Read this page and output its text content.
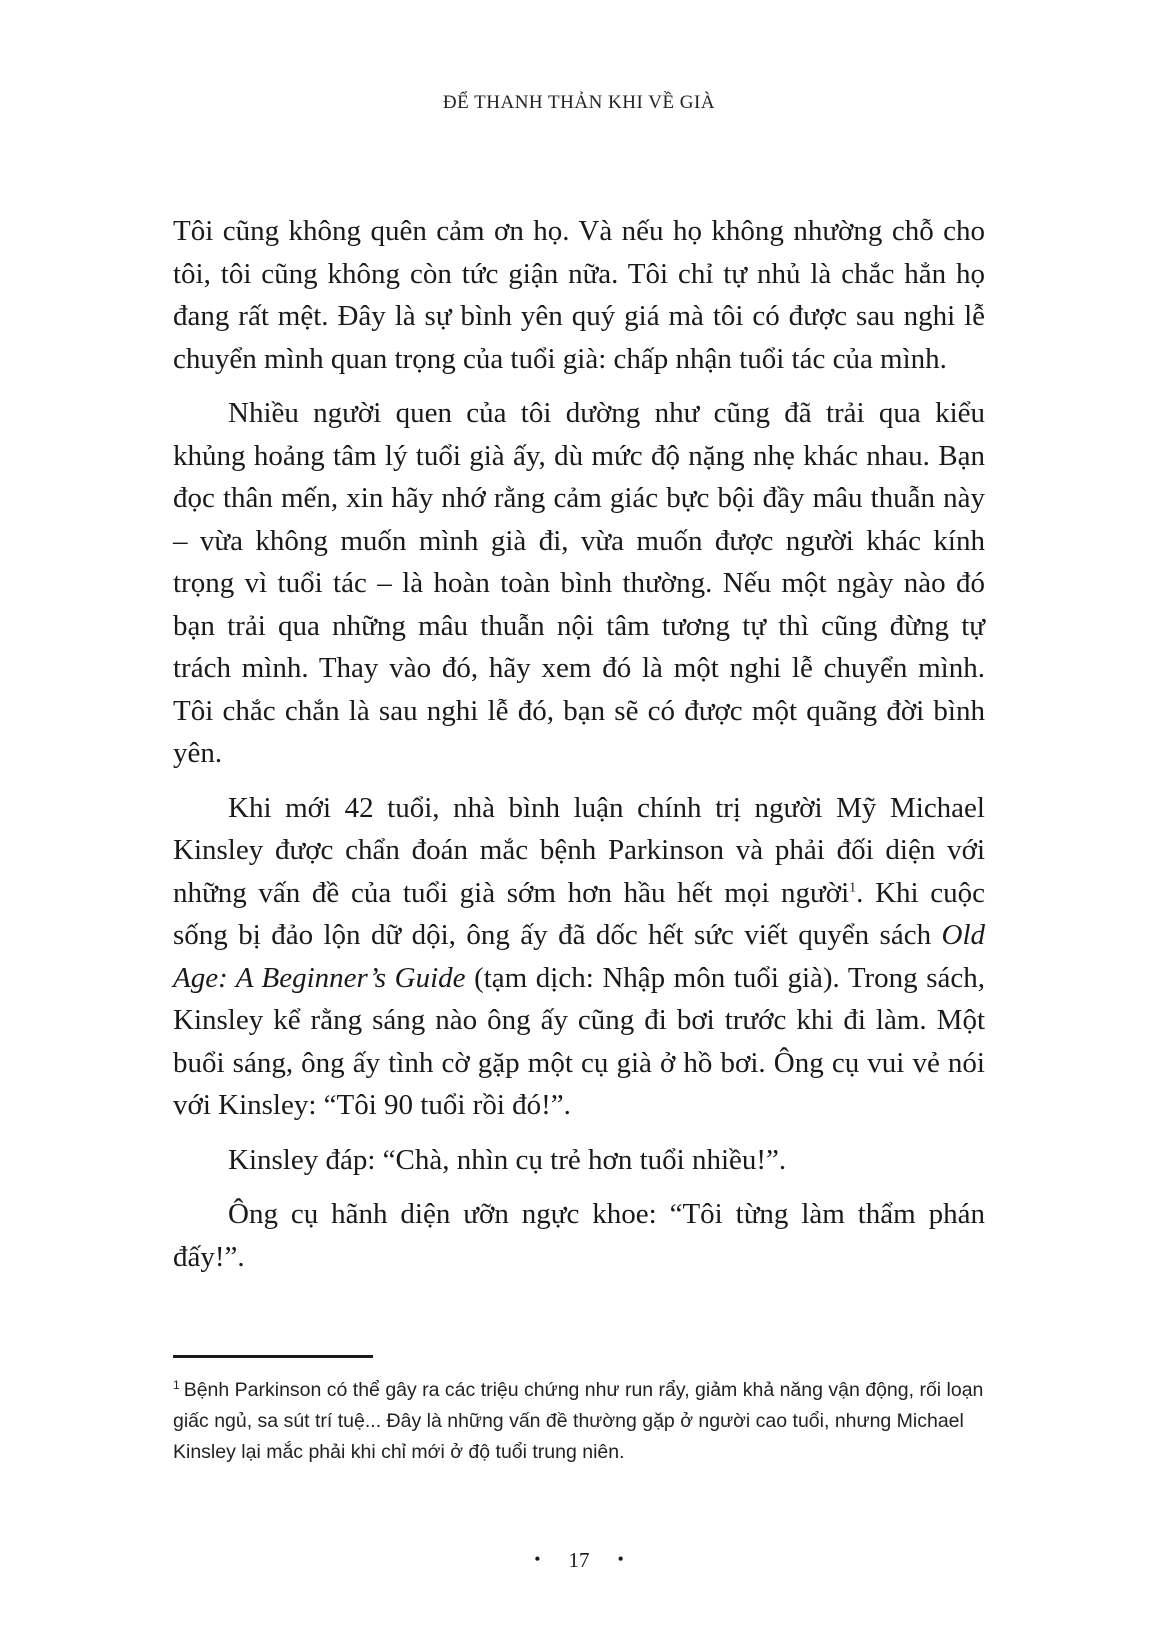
ĐỂ THANH THẢN KHI VỀ GIÀ

Tôi cũng không quên cảm ơn họ. Và nếu họ không nhường chỗ cho tôi, tôi cũng không còn tức giận nữa. Tôi chỉ tự nhủ là chắc hẳn họ đang rất mệt. Đây là sự bình yên quý giá mà tôi có được sau nghi lễ chuyển mình quan trọng của tuổi già: chấp nhận tuổi tác của mình.

Nhiều người quen của tôi dường như cũng đã trải qua kiểu khủng hoảng tâm lý tuổi già ấy, dù mức độ nặng nhẹ khác nhau. Bạn đọc thân mến, xin hãy nhớ rằng cảm giác bực bội đầy mâu thuẫn này – vừa không muốn mình già đi, vừa muốn được người khác kính trọng vì tuổi tác – là hoàn toàn bình thường. Nếu một ngày nào đó bạn trải qua những mâu thuẫn nội tâm tương tự thì cũng đừng tự trách mình. Thay vào đó, hãy xem đó là một nghi lễ chuyển mình. Tôi chắc chắn là sau nghi lễ đó, bạn sẽ có được một quãng đời bình yên.

Khi mới 42 tuổi, nhà bình luận chính trị người Mỹ Michael Kinsley được chẩn đoán mắc bệnh Parkinson và phải đối diện với những vấn đề của tuổi già sớm hơn hầu hết mọi người$^1$. Khi cuộc sống bị đảo lộn dữ dội, ông ấy đã dốc hết sức viết quyển sách Old Age: A Beginner’s Guide (tạm dịch: Nhập môn tuổi già). Trong sách, Kinsley kể rằng sáng nào ông ấy cũng đi bơi trước khi đi làm. Một buổi sáng, ông ấy tình cờ gặp một cụ già ở hồ bơi. Ông cụ vui vẻ nói với Kinsley: “Tôi 90 tuổi rồi đó!”.

Kinsley đáp: “Chà, nhìn cụ trẻ hơn tuổi nhiều!”.

Ông cụ hãnh diện ưỡn ngực khoe: “Tôi từng làm thẩm phán đấy!”.

$^1$ Bệnh Parkinson có thể gây ra các triệu chứng như run rẩy, giảm khả năng vận động, rối loạn giấc ngủ, sa sút trí tuệ... Đây là những vấn đề thường gặp ở người cao tuổi, nhưng Michael Kinsley lại mắc phải khi chỉ mới ở độ tuổi trung niên.
• 17 •
